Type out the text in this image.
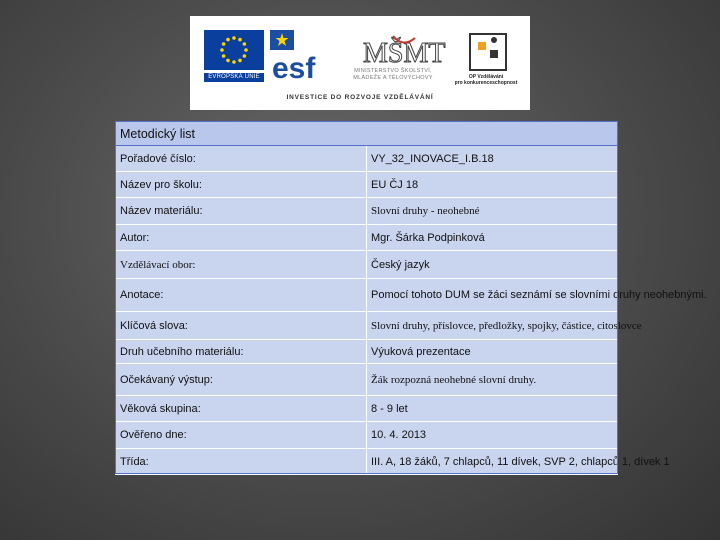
EVROPSKÁ UNIE esf MŠMT
MINISTERSTVO ŠKOLSTVÍ,
MLÁDEŽE A TĚLOVÝCHOVY	OP Vzdělávání
pro konkurenceschopnost
INVESTICE DO ROZVOJE VZDĚLÁVÁNÍ
Metodický list	
Pořadové číslo:	VY_32_INOVACE_I.B.18
Název pro školu:	EU ČJ 18
Název materiálu:	Slovní druhy - neohebné
Autor:	Mgr. Šárka Podpinková
Vzdělávací obor:	Český jazyk
Anotace:	Pomocí tohoto DUM se žáci seznámí se slovními druhy neohebnými.
Klíčová slova:	Slovní druhy, příslovce, předložky, spojky, částice, citoslovce
Druh učebního materiálu:	Výuková prezentace
Očekávaný výstup:	Žák rozpozná neohebné slovní druhy.
Věková skupina:	8 - 9 let
Ověřeno dne:	10. 4. 2013
Třída:	III. A, 18 žáků, 7 chlapců, 11 dívek, SVP 2, chlapců 1, dívek 1
